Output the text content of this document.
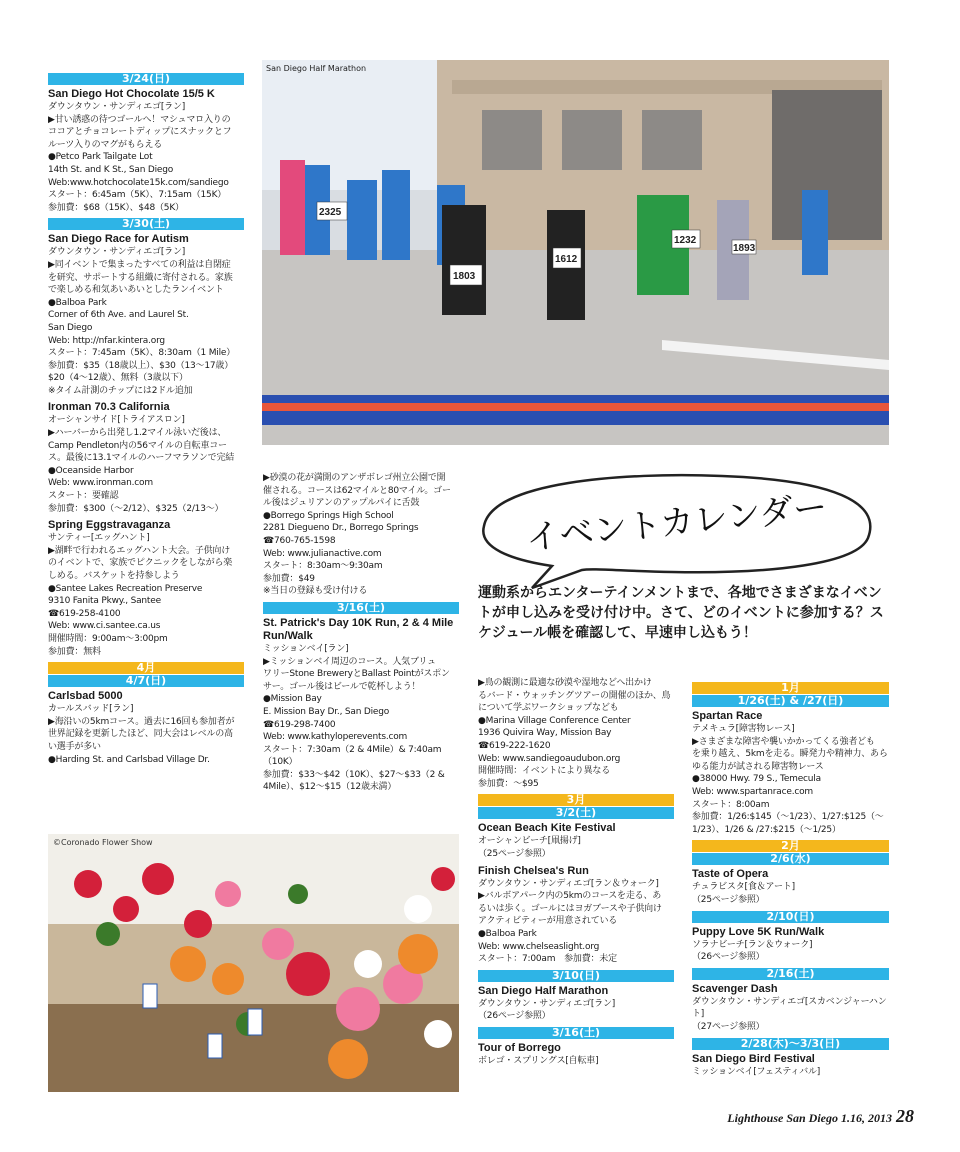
3/24(日)
San Diego Hot Chocolate 15/5 K
ダウンタウン・サンディエゴ[ラン]
▶甘い誘惑の待つゴールへ！マシュマロ入りの
ココアとチョコレートディップにスナックとフ
ルーツ入りのマグがもらえる
●Petco Park Tailgate Lot
14th St. and K St., San Diego
Web:www.hotchocolate15k.com/sandiego
スタート：6:45am（5K）、7:15am（15K）
参加費：$68（15K）、$48（5K）
3/30(土)
San Diego Race for Autism
ダウンタウン・サンディエゴ[ラン]
▶同イベントで集まったすべての利益は自閉症
を研究、サポートする組織に寄付される。家族
で楽しめる和気あいあいとしたランイベント
●Balboa Park
Corner of 6th Ave. and Laurel St.
San Diego
Web: http://nfar.kintera.org
スタート：7:45am（5K）、8:30am（1 Mile）
参加費：$35（18歳以上）、$30（13〜17歳）
$20（4〜12歳）、無料（3歳以下）
※タイム計測のチップには2ドル追加
Ironman 70.3 California
オーシャンサイド[トライアスロン]
▶ハーバーから出発し1.2マイル泳いだ後は、
Camp Pendleton内の56マイルの自転車コー
ス。最後に13.1マイルのハーフマラソンで完結
●Oceanside Harbor
Web: www.ironman.com
スタート：要確認
参加費：$300（〜2/12）、$325（2/13〜）
Spring Eggstravaganza
サンティー[エッグハント]
▶湖畔で行われるエッグハント大会。子供向け
のイベントで、家族でピクニックをしながら楽
しめる。バスケットを持参しよう
●Santee Lakes Recreation Preserve
9310 Fanita Pkwy., Santee
☎619-258-4100
Web: www.ci.santee.ca.us
開催時間：9:00am〜3:00pm
参加費：無料
4月
4/7(日)
Carlsbad 5000
カールスバッド[ラン]
▶海沿いの5kmコース。過去に16回も参加者が
世界記録を更新したほど、同大会はレベルの高
い選手が多い
●Harding St. and Carlsbad Village Dr.
▶砂漠の花が満開のアンザボレゴ州立公園で開
催される。コースは62マイルと80マイル。ゴー
ル後はジュリアンのアップルパイに舌鼓
●Borrego Springs High School
2281 Diegueno Dr., Borrego Springs
☎760-765-1598
Web: www.julianactive.com
スタート：8:30am〜9:30am
参加費：$49
※当日の登録も受け付ける
3/16(土)
St. Patrick's Day 10K Run, 2 & 4 Mile Run/Walk
ミッションベイ[ラン]
▶ミッションベイ周辺のコース。人気ブリュ
ワリーStone BreweryとBallast Pointがスポン
サー。ゴール後はビールで乾杯しよう！
●Mission Bay
E. Mission Bay Dr., San Diego
☎619-298-7400
Web: www.kathyloperevents.com
スタート：7:30am（2 & 4Mile）& 7:40am（10K）
参加費：$33〜$42（10K）、$27〜$33（2 &
4Mile）、$12〜$15（12歳未満）
▶鳥の観測に最適な砂漠や湿地などへ出かけ
るバード・ウォッチングツアーの開催のほか、鳥
について学ぶワークショップなども
●Marina Village Conference Center
1936 Quivira Way, Mission Bay
☎619-222-1620
Web: www.sandiegoaudubon.org
開催時間：イベントにより異なる
参加費：〜$95
3月
3/2(土)
Ocean Beach Kite Festival
オーシャンビーチ[凧揚げ]
（25ページ参照）
Finish Chelsea's Run
ダウンタウン・サンディエゴ[ラン＆ウォーク]
▶バルボアパーク内の5kmのコースを走る、あ
るいは歩く。ゴールにはヨガブースや子供向け
アクティビティーが用意されている
●Balboa Park
Web: www.chelseaslight.org
スタート：7:00am　参加費：未定
3/10(日)
San Diego Half Marathon
ダウンタウン・サンディエゴ[ラン]
（26ページ参照）
3/16(土)
Tour of Borrego
ボレゴ・スプリングス[自転車]
1月
1/26(土) & /27(日)
Spartan Race
テメキュラ[障害物レース]
▶さまざまな障害や襲いかかってくる強者ども
を乗り越え、5kmを走る。瞬発力や精神力、あら
ゆる能力が試される障害物レース
●38000 Hwy. 79 S., Temecula
Web: www.spartanrace.com
スタート：8:00am
参加費：1/26:$145（〜1/23）、1/27:$125（〜
1/23）、1/26 & /27:$215（〜1/25）
2月
2/6(水)
Taste of Opera
チュラビスタ[食＆アート]
（25ページ参照）
2/10(日)
Puppy Love 5K Run/Walk
ソラナビーチ[ラン＆ウォーク]
（26ページ参照）
2/16(土)
Scavenger Dash
ダウンタウン・サンディエゴ[スカベンジャーハント]
（27ページ参照）
2/28(木)〜3/3(日)
San Diego Bird Festival
ミッションベイ[フェスティバル]
2325
1803
1612
1232
1893
San Diego Half Marathon
©Coronado Flower Show
イベントカレンダー
運動系からエンターテインメントまで、各地でさまざまなイベントが申し込みを受け付け中。さて、どのイベントに参加する？スケジュール帳を確認して、早速申し込もう！
Lighthouse San Diego 1.16, 2013 28
